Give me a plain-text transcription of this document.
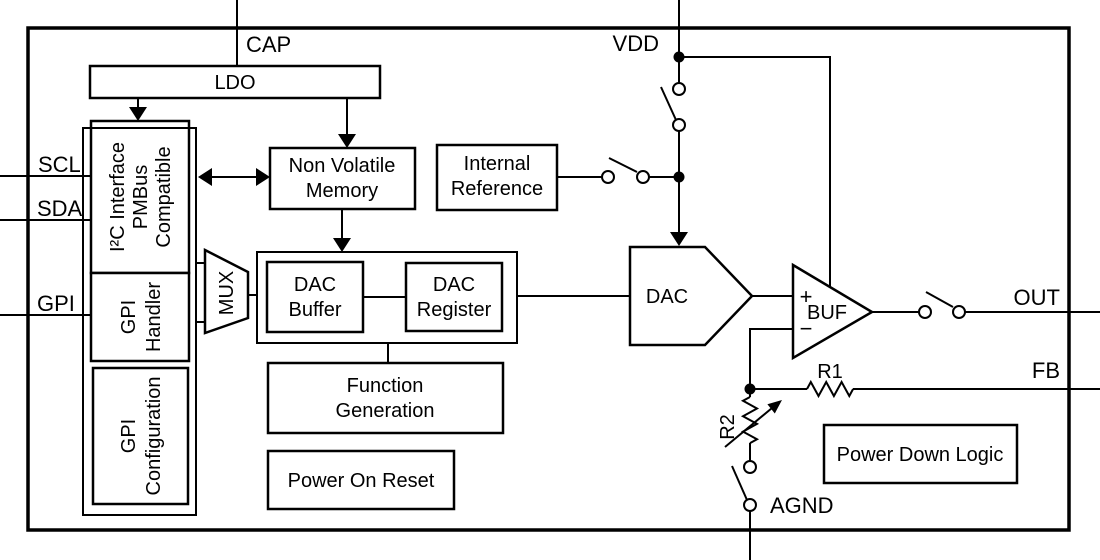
CAP	VDD
SCL
SDA
GPI	OUT
FB
AGND
LDO
I²C Interface PMBus Compatible
GPI Handler
GPI Configuration
MUX
Non Volatile
Memory
Internal
Reference
DAC
Buffer
DAC
Register
Function
Generation
Power On Reset
Power Down Logic
DAC
BUF
+
−
R1
R2
